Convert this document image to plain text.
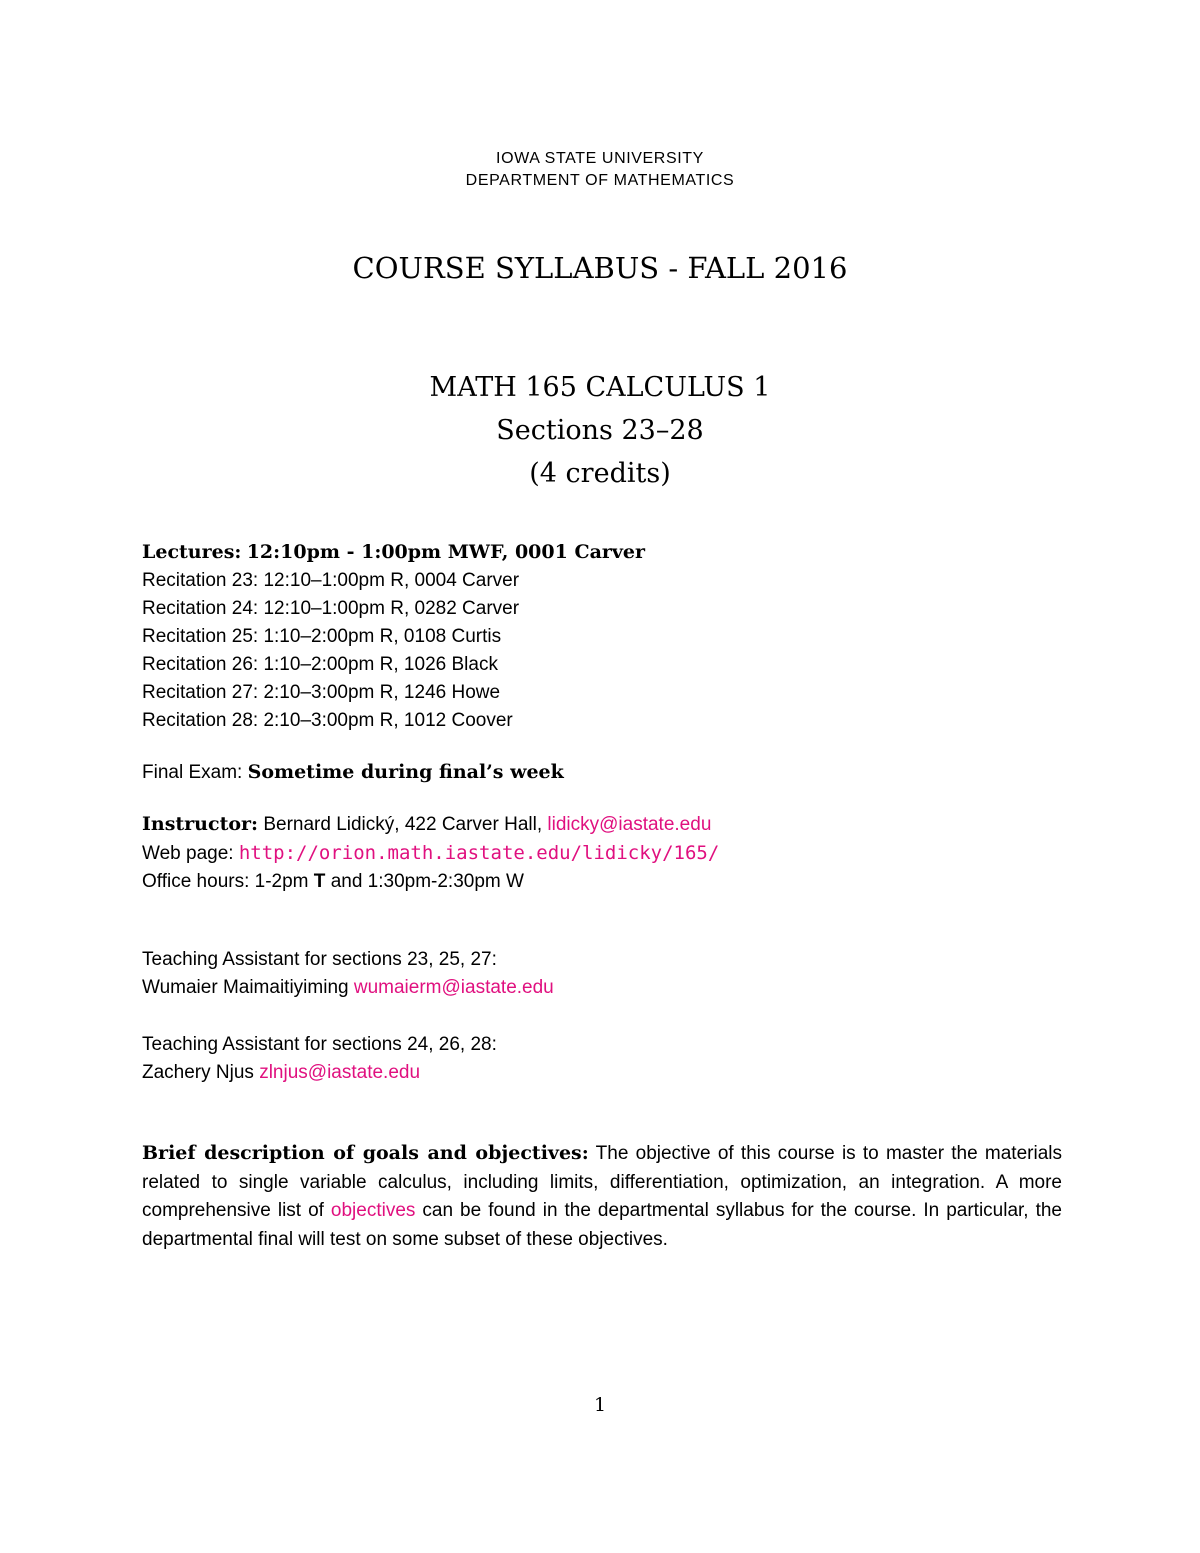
IOWA STATE UNIVERSITY
DEPARTMENT OF MATHEMATICS
COURSE SYLLABUS - FALL 2016
MATH 165 CALCULUS 1
Sections 23–28
(4 credits)
Lectures: 12:10pm - 1:00pm MWF, 0001 Carver
Recitation 23: 12:10–1:00pm R, 0004 Carver
Recitation 24: 12:10–1:00pm R, 0282 Carver
Recitation 25: 1:10–2:00pm R, 0108 Curtis
Recitation 26: 1:10–2:00pm R, 1026 Black
Recitation 27: 2:10–3:00pm R, 1246 Howe
Recitation 28: 2:10–3:00pm R, 1012 Coover
Final Exam: Sometime during final’s week
Instructor: Bernard Lidický, 422 Carver Hall, lidicky@iastate.edu
Web page: http://orion.math.iastate.edu/lidicky/165/
Office hours: 1-2pm T and 1:30pm-2:30pm W
Teaching Assistant for sections 23, 25, 27:
Wumaier Maimaitiyiming wumaierm@iastate.edu
Teaching Assistant for sections 24, 26, 28:
Zachery Njus zlnjus@iastate.edu
Brief description of goals and objectives: The objective of this course is to master the materials related to single variable calculus, including limits, differentiation, optimization, an integration. A more comprehensive list of objectives can be found in the departmental syllabus for the course. In particular, the departmental final will test on some subset of these objectives.
1
